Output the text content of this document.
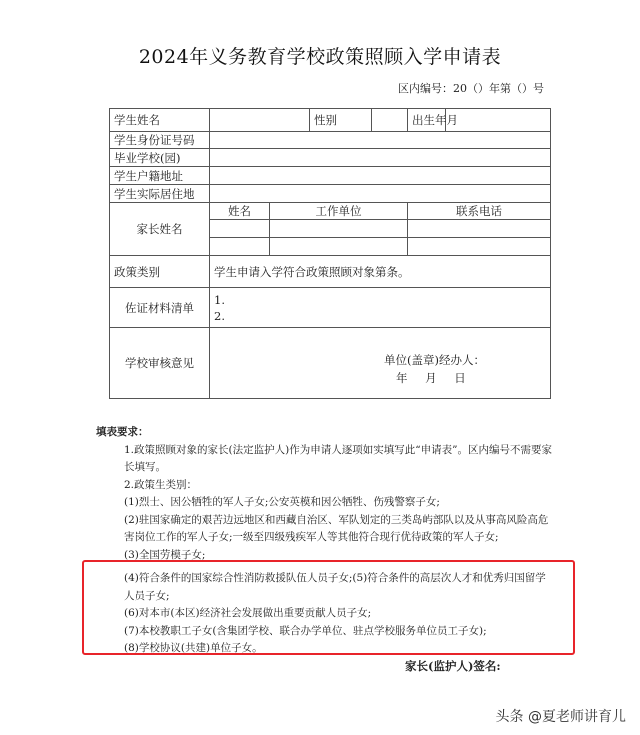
2024年义务教育学校政策照顾入学申请表
区内编号：20（）年第（）号
学生姓名			性别		出生年月	
学生身份证号码						
毕业学校(园)						
学生户籍地址						
学生实际居住地						
家长姓名	姓名	工作单位			联系电话	

政策类别	学生申请入学符合政策照顾对象第条。					
佐证材料清单	1.
2.					

学校审核意见	单位(盖章)经办人：
年 月 日					

填表要求：

1.政策照顾对象的家长(法定监护人)作为申请人逐项如实填写此“申请表”。区内编号不需要家长填写。

2.政策生类别：

(1)烈士、因公牺牲的军人子女;公安英模和因公牺牲、伤残警察子女;

(2)驻国家确定的艰苦边远地区和西藏自治区、军队划定的三类岛屿部队以及从事高风险高危害岗位工作的军人子女;一级至四级残疾军人等其他符合现行优待政策的军人子女;

(3)全国劳模子女;

(4)符合条件的国家综合性消防救援队伍人员子女;(5)符合条件的高层次人才和优秀归国留学人员子女;

(6)对本市(本区)经济社会发展做出重要贡献人员子女;

(7)本校教职工子女(含集团学校、联合办学单位、驻点学校服务单位员工子女);

(8)学校协议(共建)单位子女。

家长(监护人)签名:
头条 @夏老师讲育儿
